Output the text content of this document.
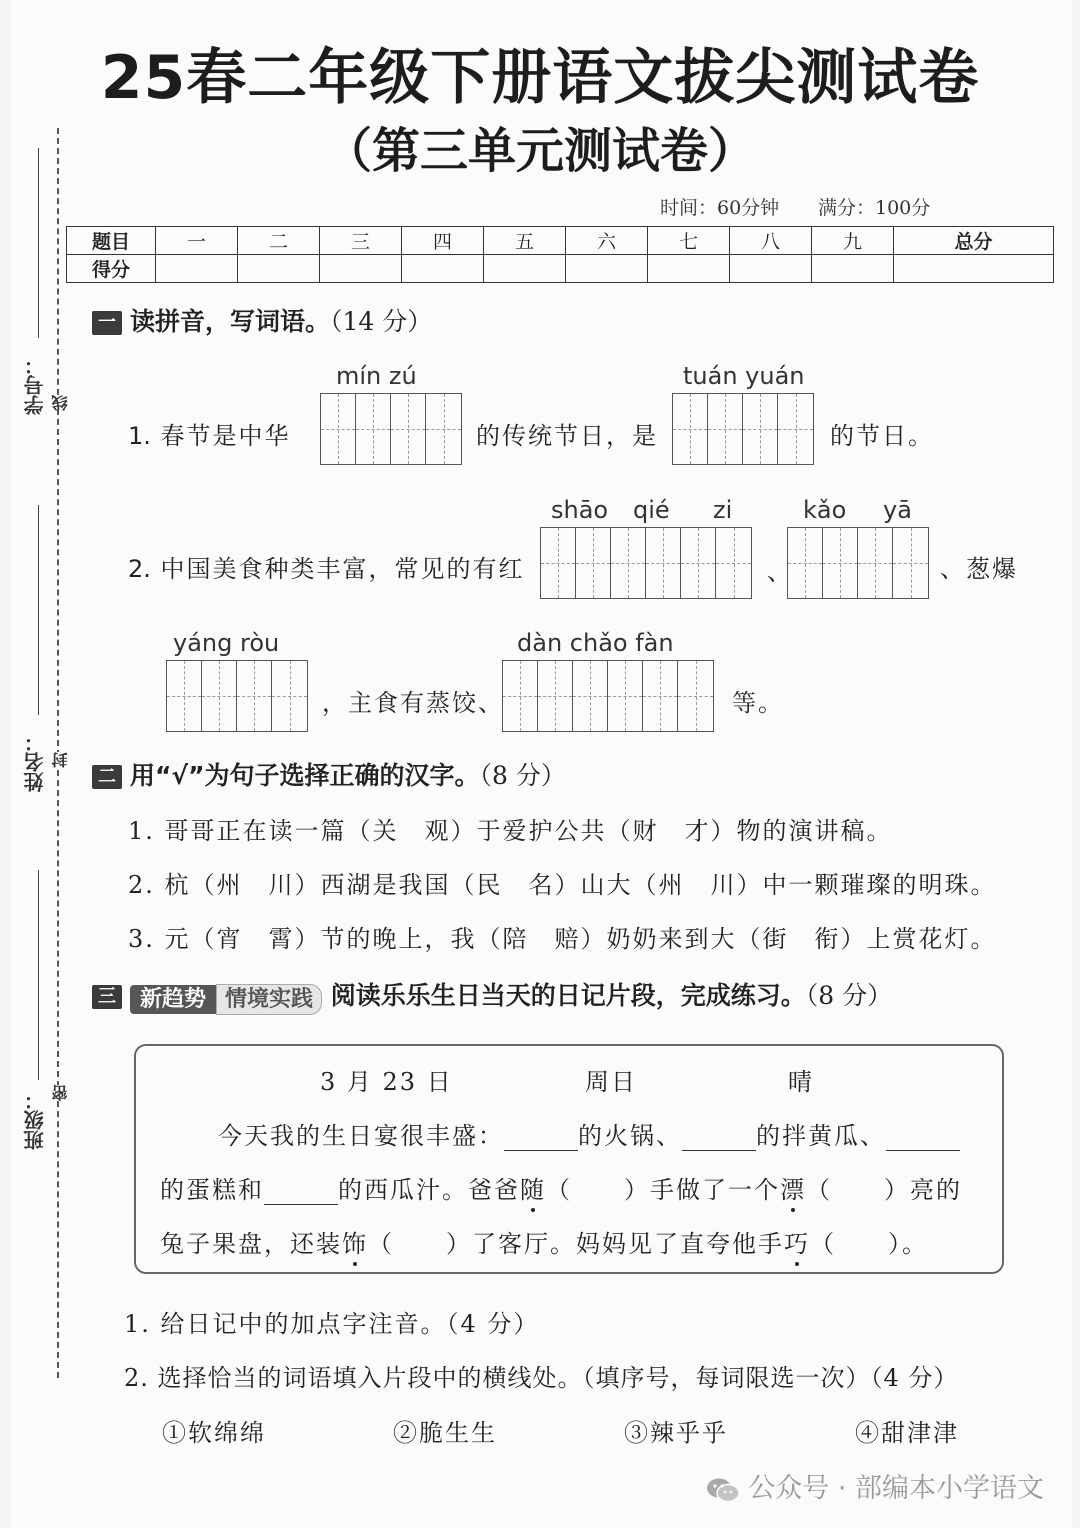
25春二年级下册语文拔尖测试卷
（第三单元测试卷）
时间：60分钟 满分：100分
题目	一	二	三	四	五	六	七	八	九	总分
得分										
学号： 线
姓名： 封
班级： 密
一 读拼音，写词语。（14 分）
mín zú	tuán yuán
1. 春节是中华	的传统节日，是	的节日。
shāo qié zi	kǎo yā
2. 中国美食种类丰富，常见的有红	、	、葱爆
yáng ròu	dàn chǎo fàn
，主食有蒸饺、	等。
二 用“√”为句子选择正确的汉字。（8 分）
1. 哥哥正在读一篇（关　观）于爱护公共（财　才）物的演讲稿。
2. 杭（州　川）西湖是我国（民　名）山大（州　川）中一颗璀璨的明珠。
3. 元（宵　霄）节的晚上，我（陪　赔）奶奶来到大（街　衔）上赏花灯。
三 新趋势 情境实践 阅读乐乐生日当天的日记片段，完成练习。（8 分）
3 月 23 日	周日	晴
今天我的生日宴很丰盛：	的火锅、	的拌黄瓜、
的蛋糕和	的西瓜汁。爸爸随（　　）手做了一个漂（　　）亮的
兔子果盘，还装饰（　　）了客厅。妈妈见了直夸他手巧（　　）。
1. 给日记中的加点字注音。（4 分）
2. 选择恰当的词语填入片段中的横线处。（填序号，每词限选一次）（4 分）
①软绵绵	②脆生生	③辣乎乎	④甜津津
公众号 · 部编本小学语文
